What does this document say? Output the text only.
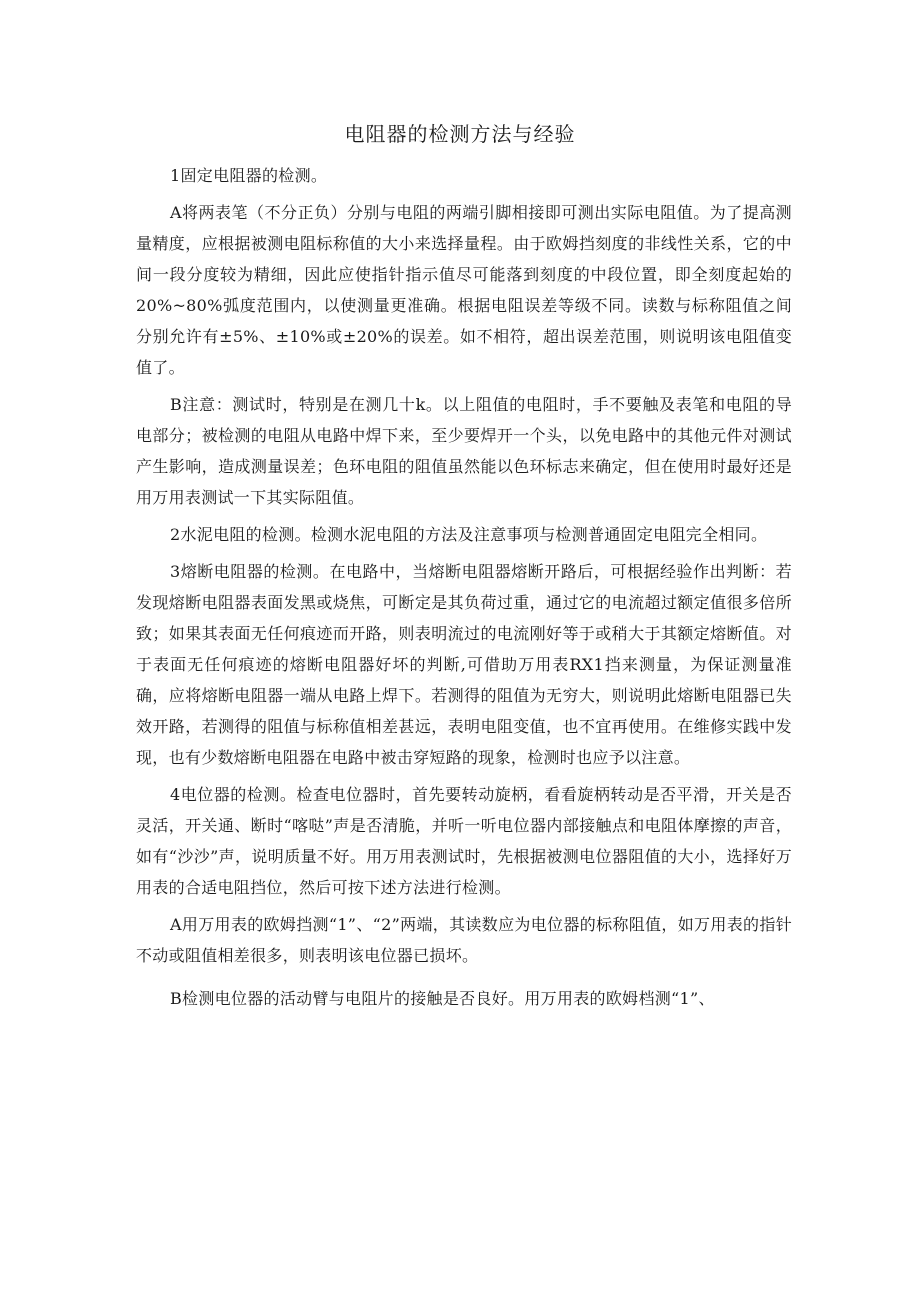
电阻器的检测方法与经验

1固定电阻器的检测。

A将两表笔（不分正负）分别与电阻的两端引脚相接即可测出实际电阻值。为了提高测量精度，应根据被测电阻标称值的大小来选择量程。由于欧姆挡刻度的非线性关系，它的中间一段分度较为精细，因此应使指针指示值尽可能落到刻度的中段位置，即全刻度起始的20%~80%弧度范围内，以使测量更准确。根据电阻误差等级不同。读数与标称阻值之间分别允许有±5%、±10%或±20%的误差。如不相符，超出误差范围，则说明该电阻值变值了。

B注意：测试时，特别是在测几十k。以上阻值的电阻时，手不要触及表笔和电阻的导电部分；被检测的电阻从电路中焊下来，至少要焊开一个头，以免电路中的其他元件对测试产生影响，造成测量误差；色环电阻的阻值虽然能以色环标志来确定，但在使用时最好还是用万用表测试一下其实际阻值。

2水泥电阻的检测。检测水泥电阻的方法及注意事项与检测普通固定电阻完全相同。

3熔断电阻器的检测。在电路中，当熔断电阻器熔断开路后，可根据经验作出判断：若发现熔断电阻器表面发黑或烧焦，可断定是其负荷过重，通过它的电流超过额定值很多倍所致；如果其表面无任何痕迹而开路，则表明流过的电流刚好等于或稍大于其额定熔断值。对于表面无任何痕迹的熔断电阻器好坏的判断,可借助万用表RX1挡来测量，为保证测量准确，应将熔断电阻器一端从电路上焊下。若测得的阻值为无穷大，则说明此熔断电阻器已失效开路，若测得的阻值与标称值相差甚远，表明电阻变值，也不宜再使用。在维修实践中发现，也有少数熔断电阻器在电路中被击穿短路的现象，检测时也应予以注意。

4电位器的检测。检查电位器时，首先要转动旋柄，看看旋柄转动是否平滑，开关是否灵活，开关通、断时“喀哒”声是否清脆，并听一听电位器内部接触点和电阻体摩擦的声音，如有“沙沙”声，说明质量不好。用万用表测试时，先根据被测电位器阻值的大小，选择好万用表的合适电阻挡位，然后可按下述方法进行检测。

A用万用表的欧姆挡测“1”、“2”两端，其读数应为电位器的标称阻值，如万用表的指针不动或阻值相差很多，则表明该电位器已损坏。

B检测电位器的活动臂与电阻片的接触是否良好。用万用表的欧姆档测“1”、
